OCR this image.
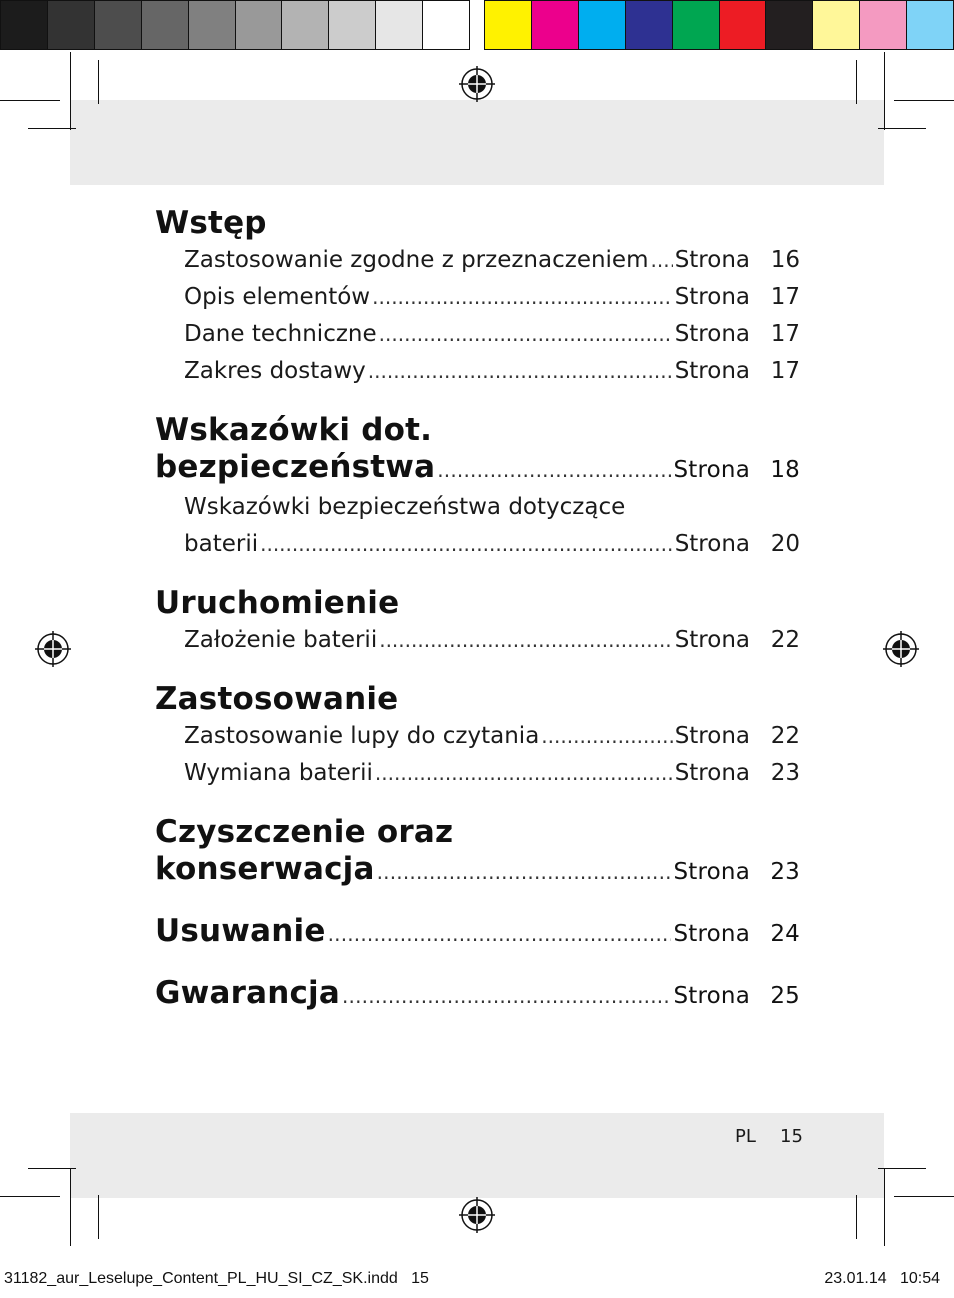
Wstęp
Zastosowanie zgodne z przeznaczeniem ..... Strona 16
Opis elementów .....	Strona 17
Dane techniczne .....	Strona 17
Zakres dostawy .....	Strona 17
Wskazówki dot.
bezpieczeństwa .....	Strona 18
Wskazówki bezpieczeństwa dotyczące
baterii .....	Strona 20
Uruchomienie
Założenie baterii .....	Strona 22
Zastosowanie
Zastosowanie lupy do czytania .....	Strona 22
Wymiana baterii .....	Strona 23
Czyszczenie oraz
konserwacja .....	Strona 23
Usuwanie .....	Strona 24
Gwarancja .....	Strona 25
PL 15
31182_aur_Leselupe_Content_PL_HU_SI_CZ_SK.indd   15	23.01.14   10:54
